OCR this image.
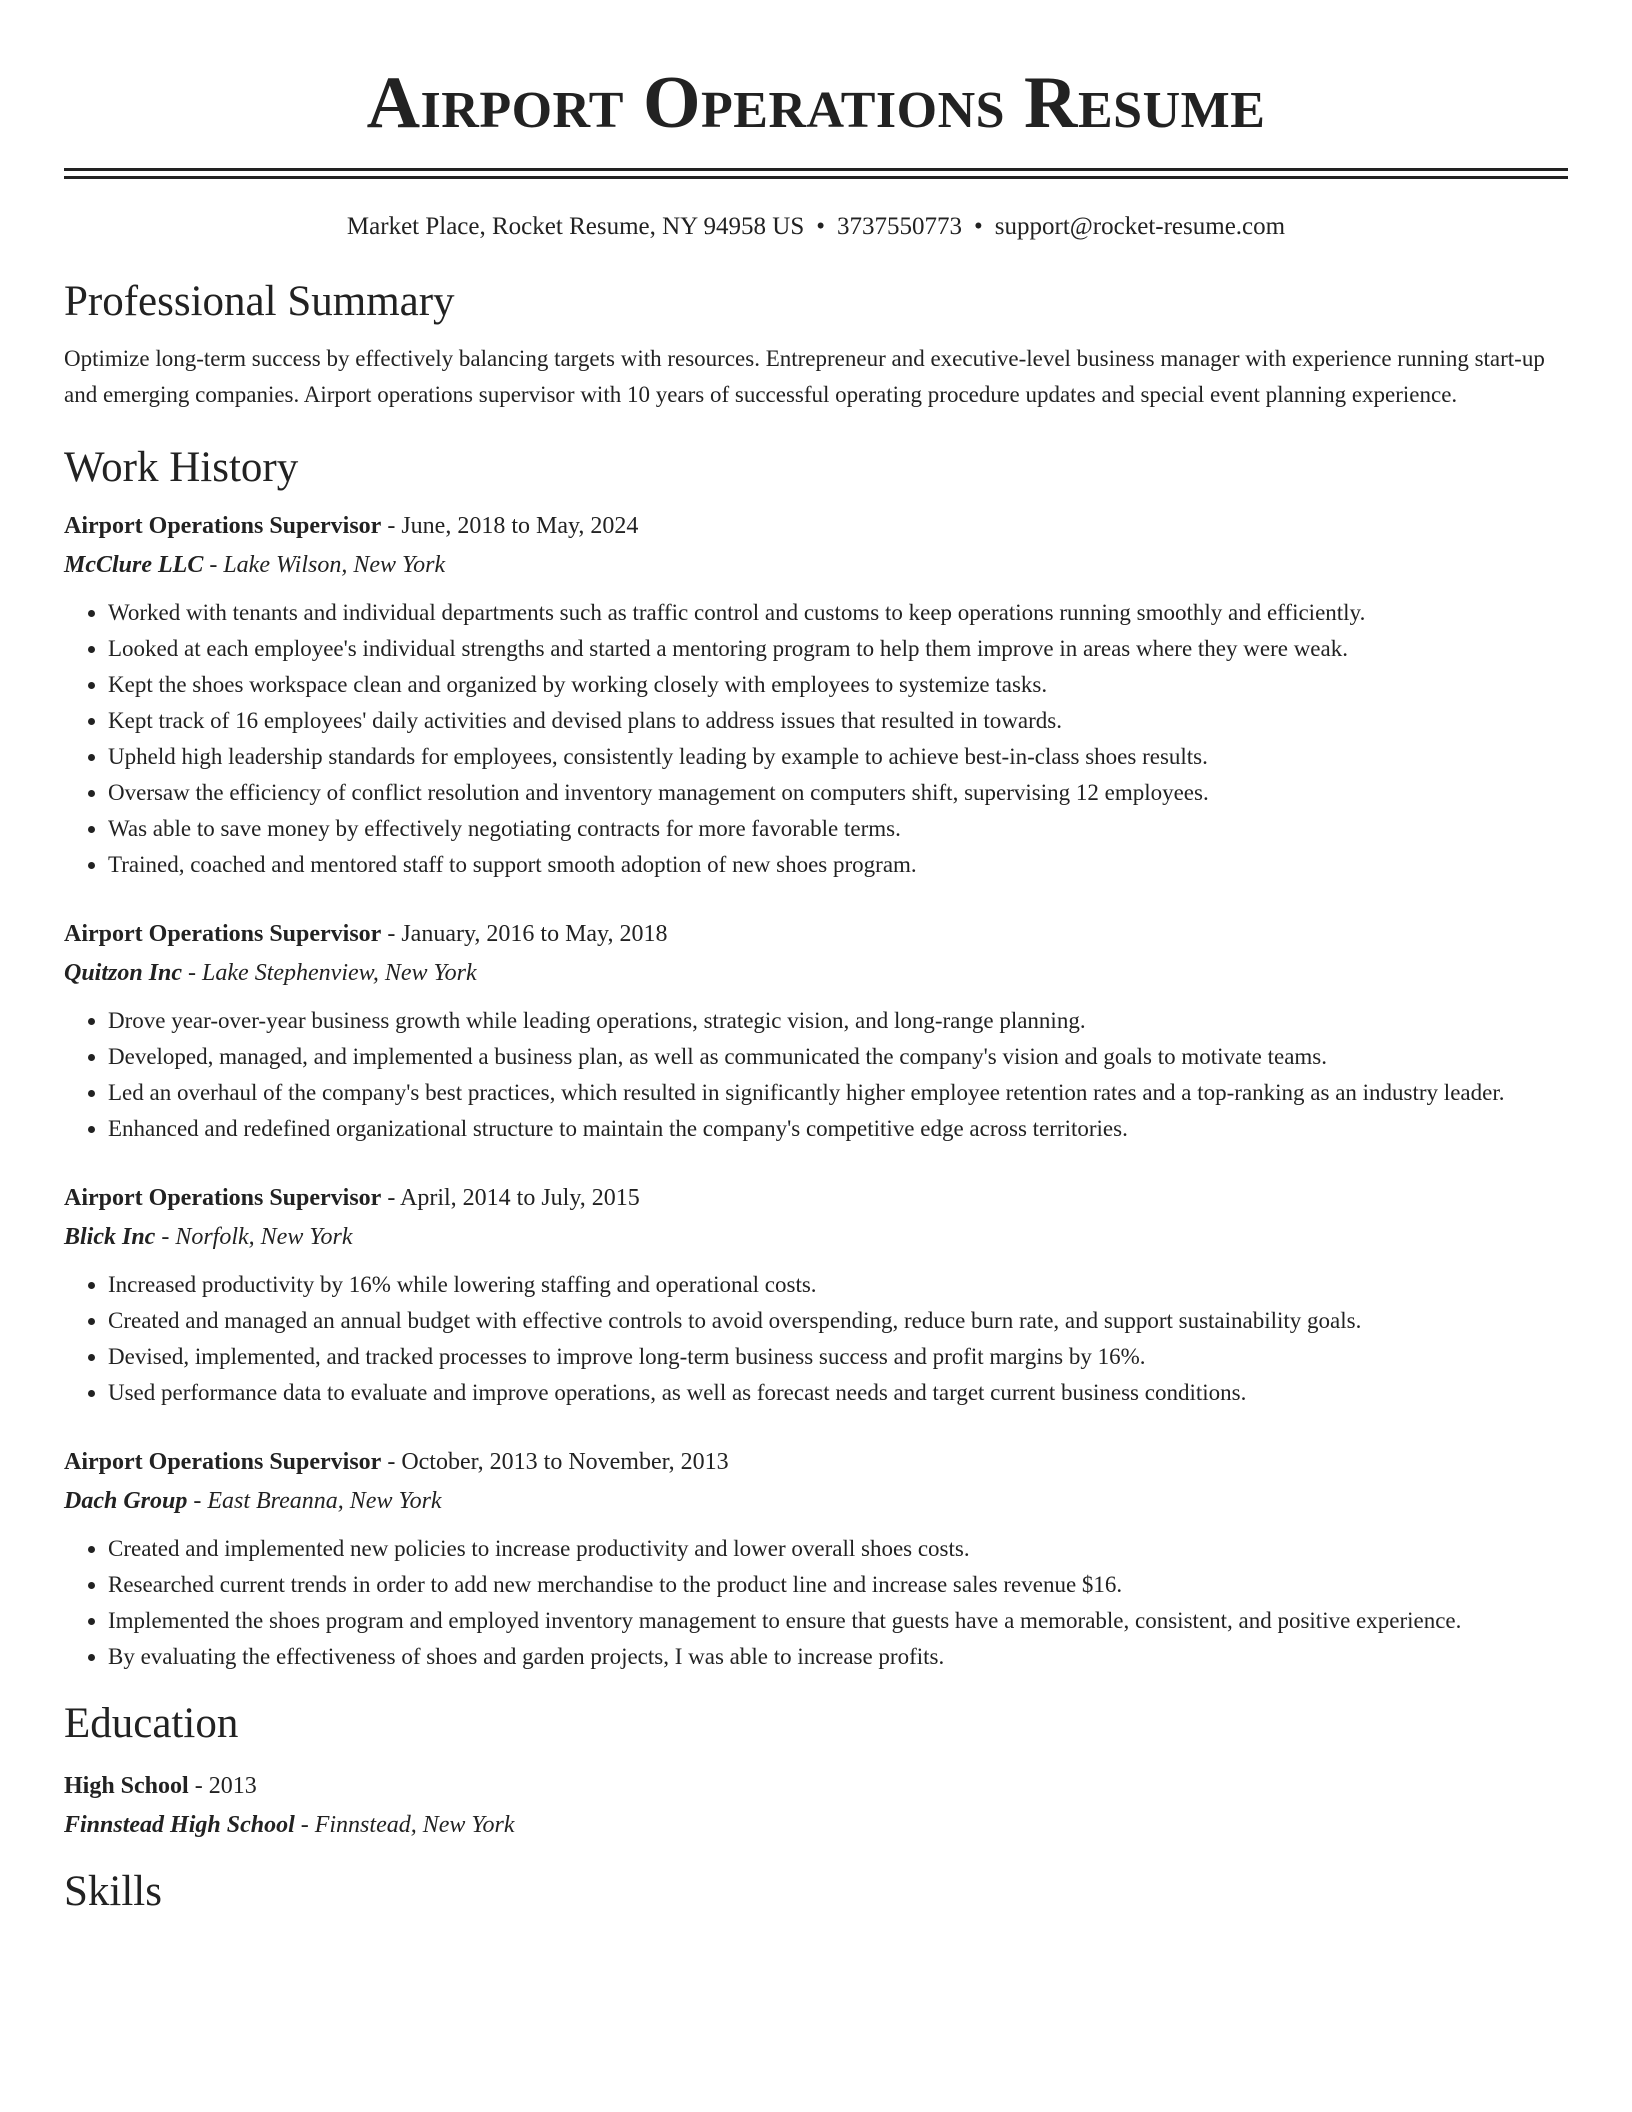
Airport Operations Resume
Market Place, Rocket Resume, NY 94958 US • 3737550773 • support@rocket-resume.com
Professional Summary
Optimize long-term success by effectively balancing targets with resources. Entrepreneur and executive-level business manager with experience running start-up and emerging companies. Airport operations supervisor with 10 years of successful operating procedure updates and special event planning experience.
Work History
Airport Operations Supervisor - June, 2018 to May, 2024
McClure LLC - Lake Wilson, New York
• Worked with tenants and individual departments such as traffic control and customs to keep operations running smoothly and efficiently.
• Looked at each employee's individual strengths and started a mentoring program to help them improve in areas where they were weak.
• Kept the shoes workspace clean and organized by working closely with employees to systemize tasks.
• Kept track of 16 employees' daily activities and devised plans to address issues that resulted in towards.
• Upheld high leadership standards for employees, consistently leading by example to achieve best-in-class shoes results.
• Oversaw the efficiency of conflict resolution and inventory management on computers shift, supervising 12 employees.
• Was able to save money by effectively negotiating contracts for more favorable terms.
• Trained, coached and mentored staff to support smooth adoption of new shoes program.
Airport Operations Supervisor - January, 2016 to May, 2018
Quitzon Inc - Lake Stephenview, New York
• Drove year-over-year business growth while leading operations, strategic vision, and long-range planning.
• Developed, managed, and implemented a business plan, as well as communicated the company's vision and goals to motivate teams.
• Led an overhaul of the company's best practices, which resulted in significantly higher employee retention rates and a top-ranking as an industry leader.
• Enhanced and redefined organizational structure to maintain the company's competitive edge across territories.
Airport Operations Supervisor - April, 2014 to July, 2015
Blick Inc - Norfolk, New York
• Increased productivity by 16% while lowering staffing and operational costs.
• Created and managed an annual budget with effective controls to avoid overspending, reduce burn rate, and support sustainability goals.
• Devised, implemented, and tracked processes to improve long-term business success and profit margins by 16%.
• Used performance data to evaluate and improve operations, as well as forecast needs and target current business conditions.
Airport Operations Supervisor - October, 2013 to November, 2013
Dach Group - East Breanna, New York
• Created and implemented new policies to increase productivity and lower overall shoes costs.
• Researched current trends in order to add new merchandise to the product line and increase sales revenue $16.
• Implemented the shoes program and employed inventory management to ensure that guests have a memorable, consistent, and positive experience.
• By evaluating the effectiveness of shoes and garden projects, I was able to increase profits.
Education
High School - 2013
Finnstead High School - Finnstead, New York
Skills
